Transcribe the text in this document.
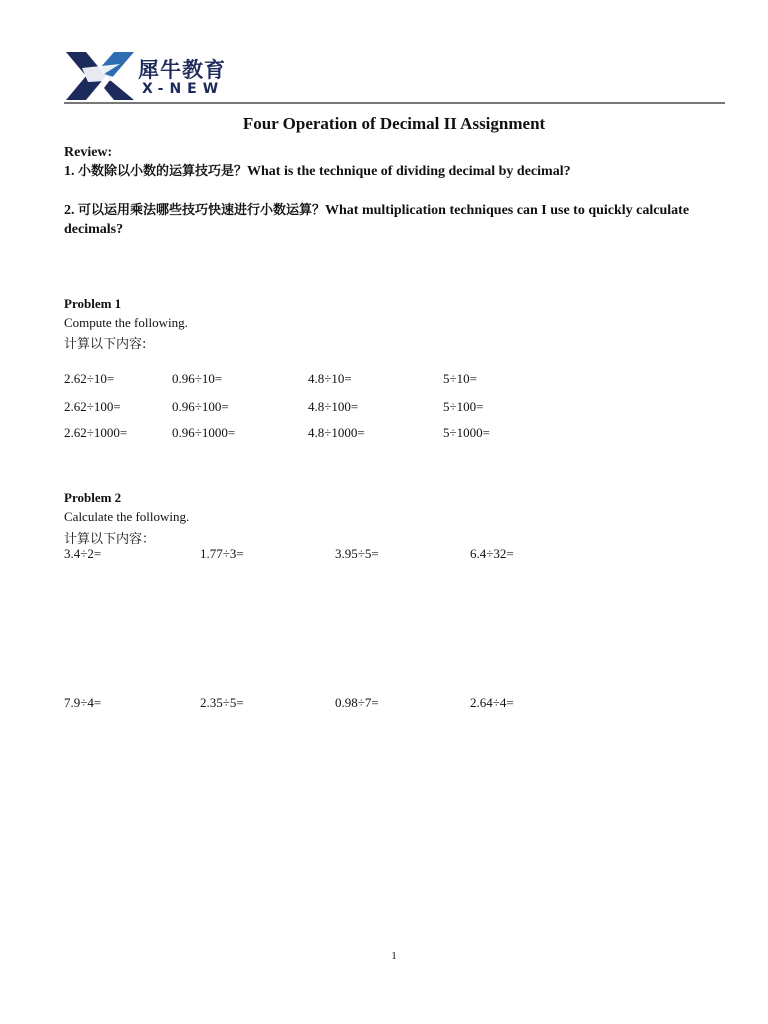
犀牛教育
X-NEW
Four Operation of Decimal II Assignment
Review:
1. 小数除以小数的运算技巧是？What is the technique of dividing decimal by decimal?
2. 可以运用乘法哪些技巧快速进行小数运算？What multiplication techniques can I use to quickly calculate decimals?
Problem 1
Compute the following.
计算以下内容:
2.62÷10=	0.96÷10=	4.8÷10=	5÷10=
2.62÷100=	0.96÷100=	4.8÷100=	5÷100=
2.62÷1000=	0.96÷1000=	4.8÷1000=	5÷1000=
Problem 2
Calculate the following.
计算以下内容：
3.4÷2=	1.77÷3=	3.95÷5=	6.4÷32=
7.9÷4=	2.35÷5=	0.98÷7=	2.64÷4=
1
